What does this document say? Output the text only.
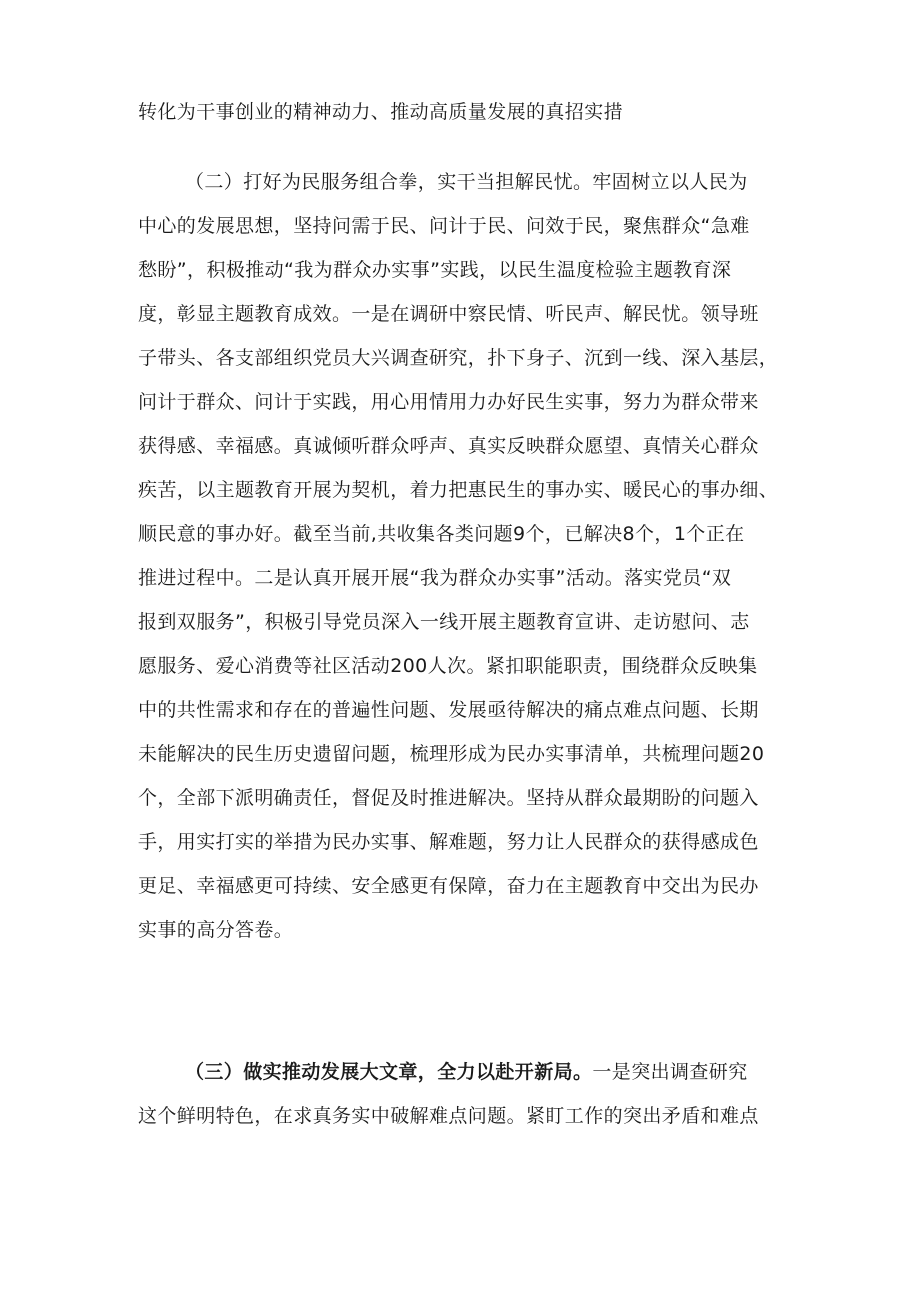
转化为干事创业的精神动力、推动高质量发展的真招实措
（二）打好为民服务组合拳，实干当担解民忧。牢固树立以人民为
中心的发展思想，坚持问需于民、问计于民、问效于民，聚焦群众“急难
愁盼”，积极推动“我为群众办实事”实践，以民生温度检验主题教育深
度，彰显主题教育成效。一是在调研中察民情、听民声、解民忧。领导班
子带头、各支部组织党员大兴调查研究，扑下身子、沉到一线、深入基层，
问计于群众、问计于实践，用心用情用力办好民生实事，努力为群众带来
获得感、幸福感。真诚倾听群众呼声、真实反映群众愿望、真情关心群众
疾苦，以主题教育开展为契机，着力把惠民生的事办实、暖民心的事办细、
顺民意的事办好。截至当前,共收集各类问题9个，已解决8个，1个正在
推进过程中。二是认真开展开展“我为群众办实事”活动。落实党员“双
报到双服务”，积极引导党员深入一线开展主题教育宣讲、走访慰问、志
愿服务、爱心消费等社区活动200人次。紧扣职能职责，围绕群众反映集
中的共性需求和存在的普遍性问题、发展亟待解决的痛点难点问题、长期
未能解决的民生历史遗留问题，梳理形成为民办实事清单，共梳理问题20
个，全部下派明确责任，督促及时推进解决。坚持从群众最期盼的问题入
手，用实打实的举措为民办实事、解难题，努力让人民群众的获得感成色
更足、幸福感更可持续、安全感更有保障，奋力在主题教育中交出为民办
实事的高分答卷。
（三）做实推动发展大文章，全力以赴开新局。一是突出调查研究
这个鲜明特色，在求真务实中破解难点问题。紧盯工作的突出矛盾和难点
